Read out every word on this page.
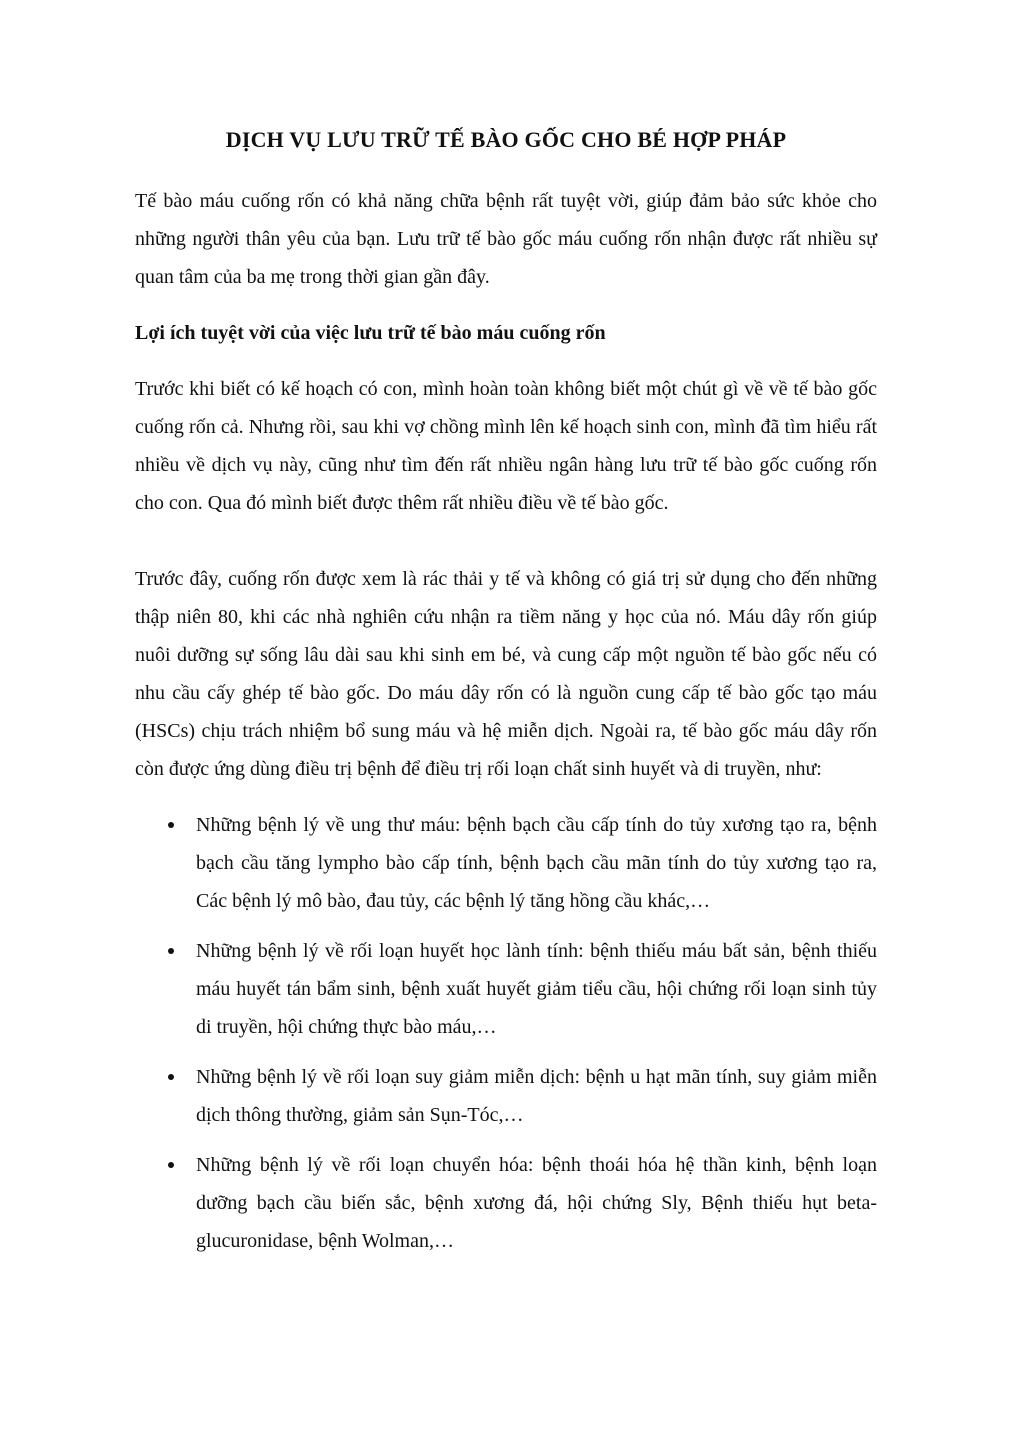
DỊCH VỤ LƯU TRỮ TẾ BÀO GỐC CHO BÉ HỢP PHÁP

Tế bào máu cuống rốn có khả năng chữa bệnh rất tuyệt vời, giúp đảm bảo sức khỏe cho những người thân yêu của bạn. Lưu trữ tế bào gốc máu cuống rốn nhận được rất nhiều sự quan tâm của ba mẹ trong thời gian gần đây.

Lợi ích tuyệt vời của việc lưu trữ tế bào máu cuống rốn

Trước khi biết có kế hoạch có con, mình hoàn toàn không biết một chút gì về về tế bào gốc cuống rốn cả. Nhưng rồi, sau khi vợ chồng mình lên kế hoạch sinh con, mình đã tìm hiểu rất nhiều về dịch vụ này, cũng như tìm đến rất nhiều ngân hàng lưu trữ tế bào gốc cuống rốn cho con. Qua đó mình biết được thêm rất nhiều điều về tế bào gốc.

Trước đây, cuống rốn được xem là rác thải y tế và không có giá trị sử dụng cho đến những thập niên 80, khi các nhà nghiên cứu nhận ra tiềm năng y học của nó. Máu dây rốn giúp nuôi dưỡng sự sống lâu dài sau khi sinh em bé, và cung cấp một nguồn tế bào gốc nếu có nhu cầu cấy ghép tế bào gốc. Do máu dây rốn có là nguồn cung cấp tế bào gốc tạo máu (HSCs) chịu trách nhiệm bổ sung máu và hệ miễn dịch. Ngoài ra, tế bào gốc máu dây rốn còn được ứng dùng điều trị bệnh để điều trị rối loạn chất sinh huyết và di truyền, như:

Những bệnh lý về ung thư máu: bệnh bạch cầu cấp tính do tủy xương tạo ra, bệnh bạch cầu tăng lympho bào cấp tính, bệnh bạch cầu mãn tính do tủy xương tạo ra, Các bệnh lý mô bào, đau tủy, các bệnh lý tăng hồng cầu khác,…
Những bệnh lý về rối loạn huyết học lành tính: bệnh thiếu máu bất sản, bệnh thiếu máu huyết tán bẩm sinh, bệnh xuất huyết giảm tiểu cầu, hội chứng rối loạn sinh tủy di truyền, hội chứng thực bào máu,…
Những bệnh lý về rối loạn suy giảm miễn dịch: bệnh u hạt mãn tính, suy giảm miễn dịch thông thường, giảm sản Sụn-Tóc,…
Những bệnh lý về rối loạn chuyển hóa: bệnh thoái hóa hệ thần kinh, bệnh loạn dưỡng bạch cầu biến sắc, bệnh xương đá, hội chứng Sly, Bệnh thiếu hụt beta-glucuronidase, bệnh Wolman,…
